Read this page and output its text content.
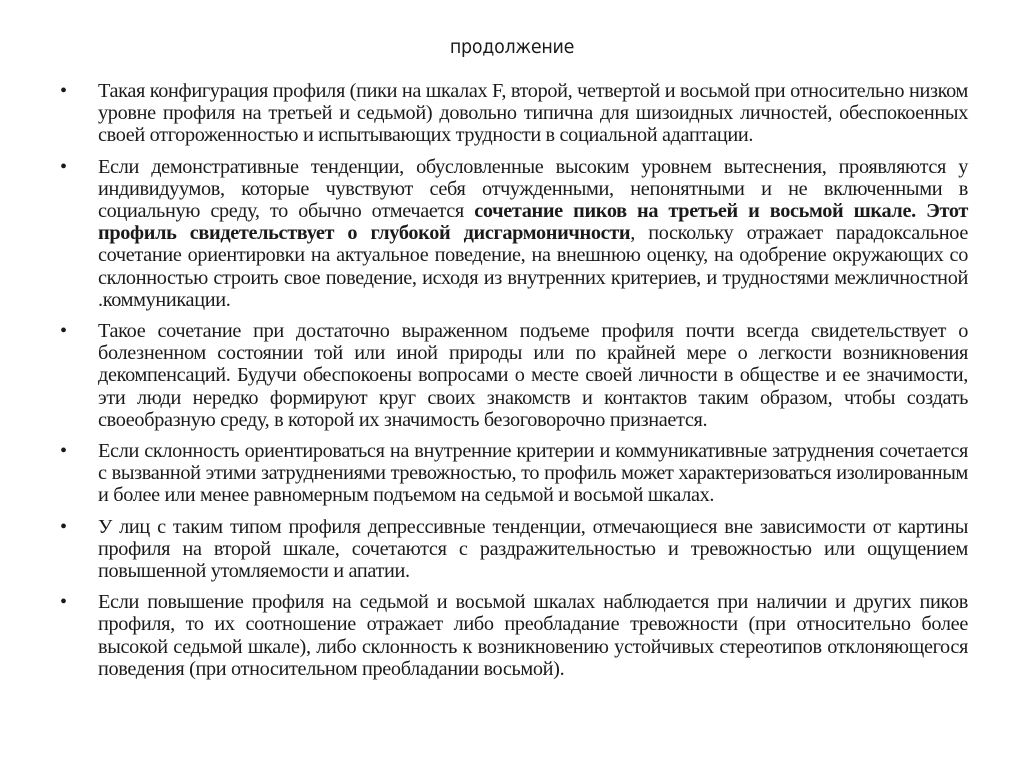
продолжение
• Такая конфигурация профиля (пики на шкалах F, второй, четвертой и восьмой при относительно низком уровне профиля на третьей и седьмой) довольно типична для шизоидных личностей, обеспокоенных своей отгороженностью и испытывающих трудности в социальной адаптации.
• Если демонстративные тенденции, обусловленные высоким уровнем вытеснения, проявляются у индивидуумов, которые чувствуют себя отчужденными, непонятными и не включенными в социальную среду, то обычно отмечается сочетание пиков на третьей и восьмой шкале. Этот профиль свидетельствует о глубокой дисгармоничности, поскольку отражает парадоксальное сочетание ориентировки на актуальное поведение, на внешнюю оценку, на одобрение окружающих со склонностью строить свое поведение, исходя из внутренних критериев, и трудностями межличностной .коммуникации.
• Такое сочетание при достаточно выраженном подъеме профиля почти всегда свидетельствует о болезненном состоянии той или иной природы или по крайней мере о легкости возникновения декомпенсаций. Будучи обеспокоены вопросами о месте своей личности в обществе и ее значимости, эти люди нередко формируют круг своих знакомств и контактов таким образом, чтобы создать своеобразную среду, в которой их значимость безоговорочно признается.
• Если склонность ориентироваться на внутренние критерии и коммуникативные затруднения сочетается с вызванной этими затруднениями тревожностью, то профиль может характеризоваться изолированным и более или менее равномерным подъемом на седьмой и восьмой шкалах.
• У лиц с таким типом профиля депрессивные тенденции, отмечающиеся вне зависимости от картины профиля на второй шкале, сочетаются с раздражительностью и тревожностью или ощущением повышенной утомляемости и апатии.
• Если повышение профиля на седьмой и восьмой шкалах наблюдается при наличии и других пиков профиля, то их соотношение отражает либо преобладание тревожности (при относительно более высокой седьмой шкале), либо склонность к возникновению устойчивых стереотипов отклоняющегося поведения (при относительном преобладании восьмой).
